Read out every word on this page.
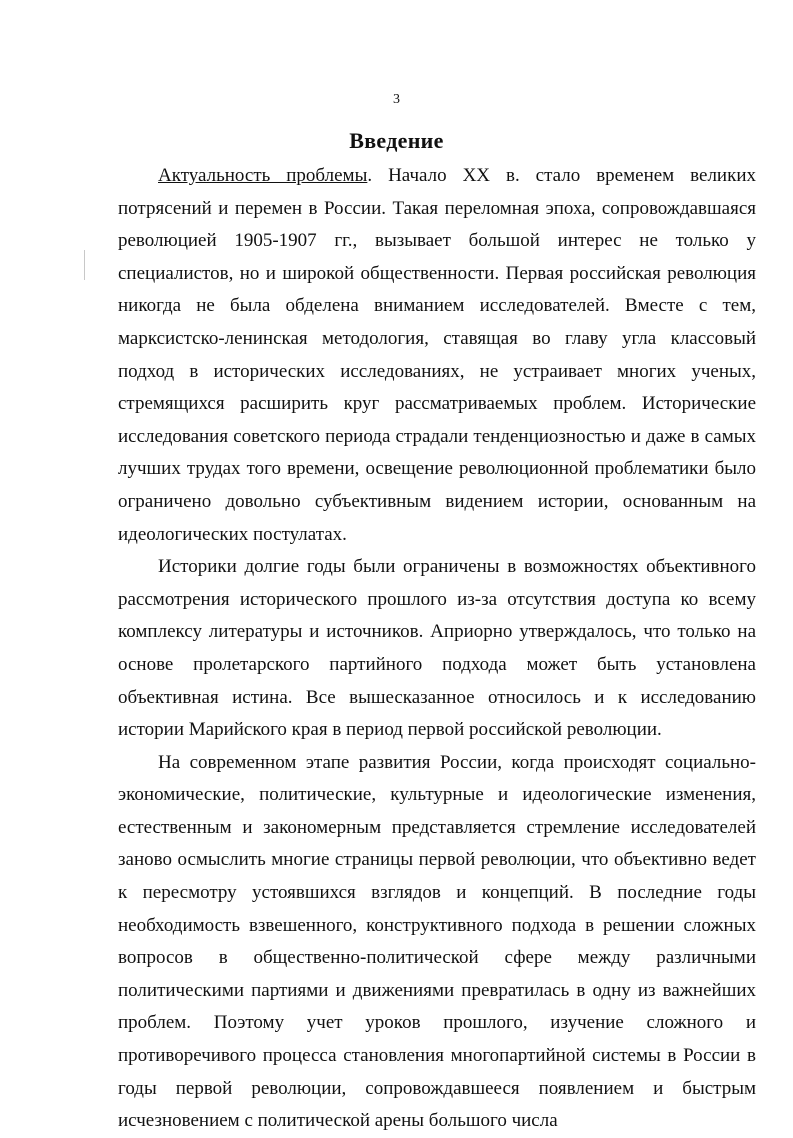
3
Введение

Актуальность проблемы. Начало XX в. стало временем великих потрясений и перемен в России. Такая переломная эпоха, сопровождавшаяся революцией 1905-1907 гг., вызывает большой интерес не только у специалистов, но и широкой общественности. Первая российская революция никогда не была обделена вниманием исследователей. Вместе с тем, марксистско-ленинская методология, ставящая во главу угла классовый подход в исторических исследованиях, не устраивает многих ученых, стремящихся расширить круг рассматриваемых проблем. Исторические исследования советского периода страдали тенденциозностью и даже в самых лучших трудах того времени, освещение революционной проблематики было ограничено довольно субъективным видением истории, основанным на идеологических постулатах.

Историки долгие годы были ограничены в возможностях объективного рассмотрения исторического прошлого из-за отсутствия доступа ко всему комплексу литературы и источников. Априорно утверждалось, что только на основе пролетарского партийного подхода может быть установлена объективная истина. Все вышесказанное относилось и к исследованию истории Марийского края в период первой российской революции.

На современном этапе развития России, когда происходят социально-экономические, политические, культурные и идеологические изменения, естественным и закономерным представляется стремление исследователей заново осмыслить многие страницы первой революции, что объективно ведет к пересмотру устоявшихся взглядов и концепций. В последние годы необходимость взвешенного, конструктивного подхода в решении сложных вопросов в общественно-политической сфере между различными политическими партиями и движениями превратилась в одну из важнейших проблем. Поэтому учет уроков прошлого, изучение сложного и противоречивого процесса становления многопартийной системы в России в годы первой революции, сопровождавшееся появлением и быстрым исчезновением с политической арены большого числа
